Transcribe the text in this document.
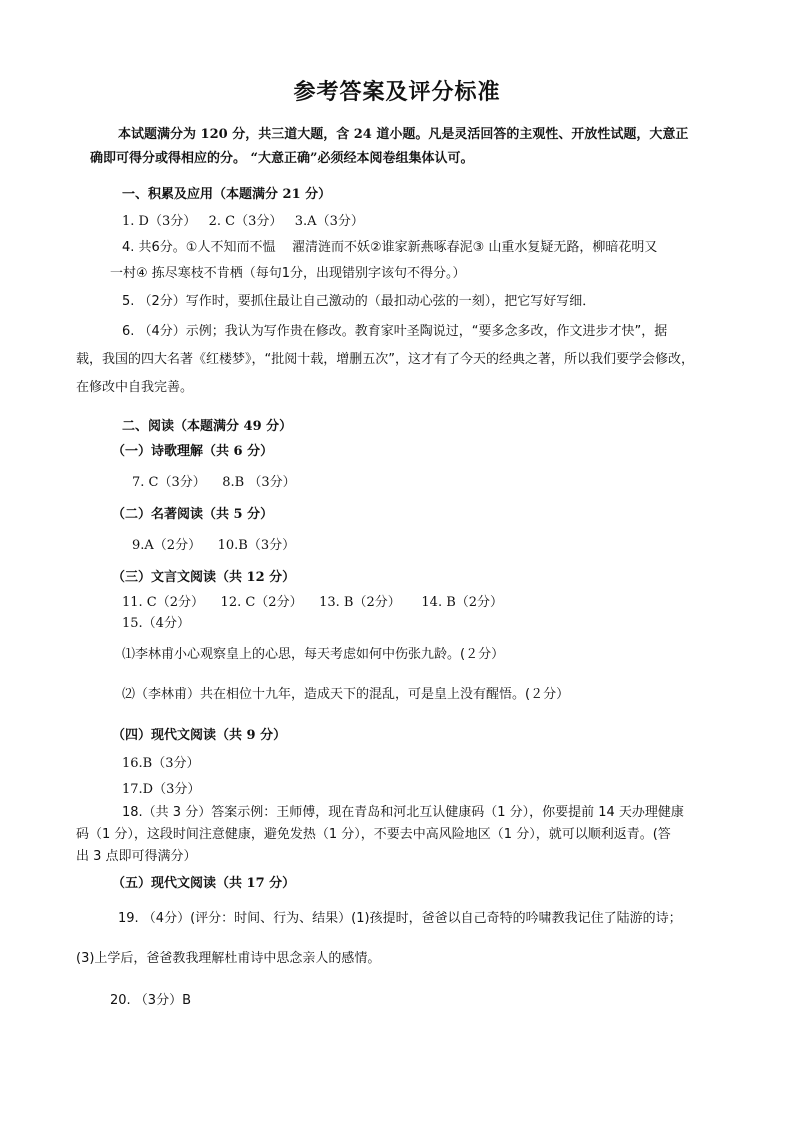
参考答案及评分标准
本试题满分为 120 分，共三道大题，含 24 道小题。凡是灵活回答的主观性、开放性试题，大意正
确即可得分或得相应的分。 “大意正确”必须经本阅卷组集体认可。
一、积累及应用（本题满分 21 分）
1. D（3分）   2. C（3分）   3.A（3分）
4. 共6分。①人不知而不愠    濯清涟而不妖②谁家新燕啄春泥③ 山重水复疑无路，柳暗花明又
一村④ 拣尽寒枝不肯栖（每句1分，出现错别字该句不得分。）
5. （2分）写作时，要抓住最让自己激动的（最扣动心弦的一刻），把它写好写细．
6. （4分）示例；我认为写作贵在修改。教育家叶圣陶说过，“要多念多改，作文进步才快”，据
载，我国的四大名著《红楼梦》，“批阅十载，增删五次”，这才有了今天的经典之著，所以我们要学会修改，
在修改中自我完善。
二、阅读（本题满分 49 分）
（一）诗歌理解（共 6 分）
7. C（3分）    8.B （3分）
（二）名著阅读（共 5 分）
9.A（2分）    10.B（3分）
（三）文言文阅读（共 12 分）
11. C（2分）    12. C（2分）    13. B（2分）     14. B（2分）
15.（4分）
⑴李林甫小心观察皇上的心思，每天考虑如何中伤张九龄。(２分）
⑵（李林甫）共在相位十九年，造成天下的混乱，可是皇上没有醒悟。(２分）
（四）现代文阅读（共 9 分）
16.B（3分）
17.D（3分）
18.（共 3 分）答案示例：王师傅，现在青岛和河北互认健康码（1 分），你要提前 14 天办理健康
码（1 分），这段时间注意健康，避免发热（1 分），不要去中高风险地区（1 分），就可以顺利返青。(答
出 3 点即可得满分）
（五）现代文阅读（共 17 分）
19. （4分）(评分：时间、行为、结果）(1)孩提时，爸爸以自己奇特的吟啸教我记住了陆游的诗；
(3)上学后，爸爸教我理解杜甫诗中思念亲人的感情。
20. （3分）B
